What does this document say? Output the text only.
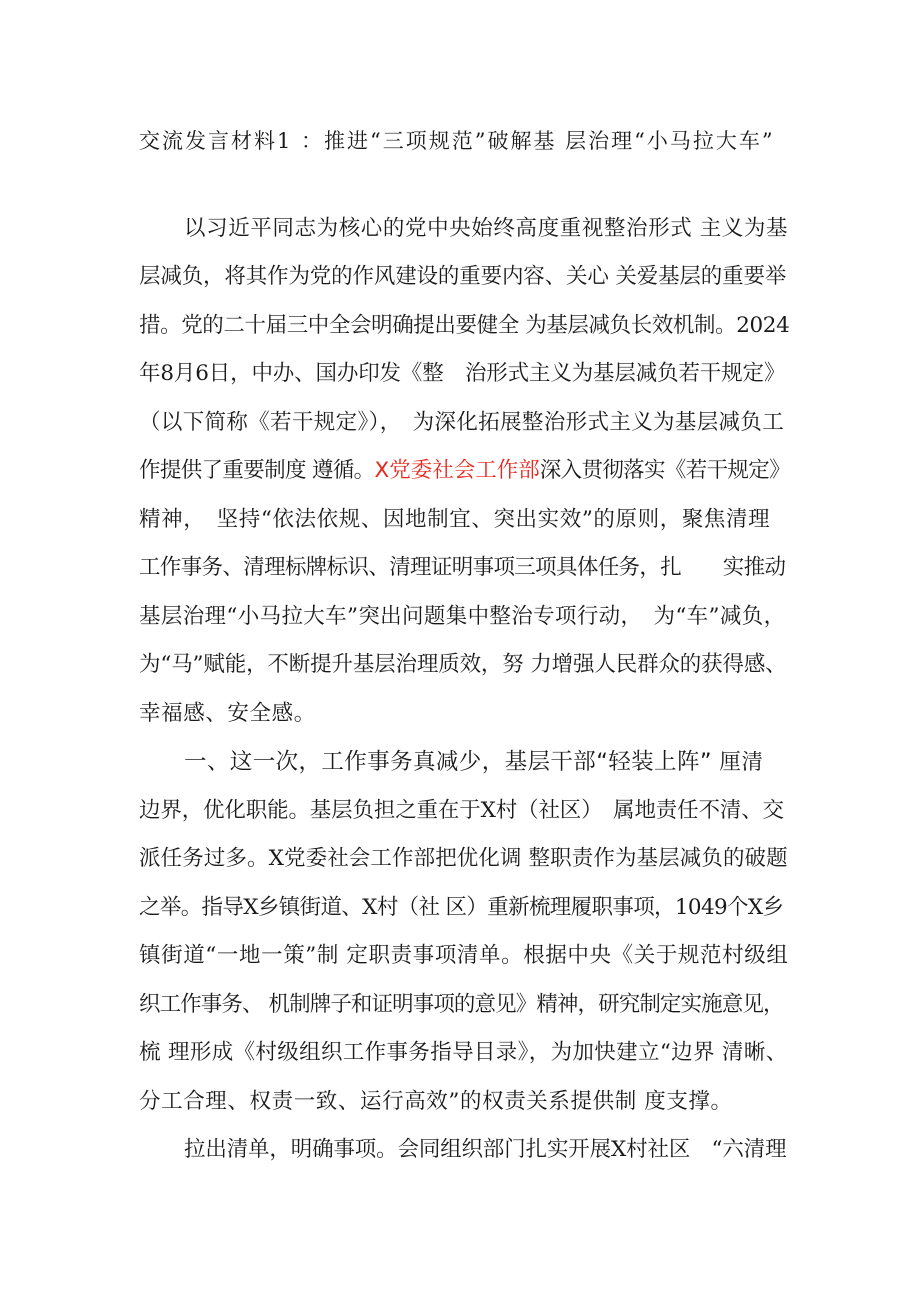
交流发言材料1 ：推进“三项规范”破解基 层治理“小马拉大车”
以习近平同志为核心的党中央始终高度重视整治形式 主义为基
层减负，将其作为党的作风建设的重要内容、关心 关爱基层的重要举
措。党的二十届三中全会明确提出要健全 为基层减负长效机制。2024
年8月6日，中办、国办印发《整　治形式主义为基层减负若干规定》
（以下简称《若干规定》），　为深化拓展整治形式主义为基层减负工
作提供了重要制度 遵循。X党委社会工作部深入贯彻落实《若干规定》
精神，　坚持“依法依规、因地制宜、突出实效”的原则，聚焦清理
工作事务、清理标牌标识、清理证明事项三项具体任务，扎　　实推动
基层治理“小马拉大车”突出问题集中整治专项行动，　为“车”减负，
为“马”赋能，不断提升基层治理质效，努 力增强人民群众的获得感、
幸福感、安全感。
一、这一次，工作事务真减少，基层干部“轻装上阵” 厘清
边界，优化职能。基层负担之重在于X村（社区）　属地责任不清、交
派任务过多。X党委社会工作部把优化调 整职责作为基层减负的破题
之举。指导X乡镇街道、X村（社 区）重新梳理履职事项，1049个X乡
镇街道“一地一策”制 定职责事项清单。根据中央《关于规范村级组
织工作事务、 机制牌子和证明事项的意见》精神，研究制定实施意见，
梳 理形成《村级组织工作事务指导目录》，为加快建立“边界 清晰、
分工合理、权责一致、运行高效”的权责关系提供制 度支撑。
拉出清单，明确事项。会同组织部门扎实开展X村社区　“六清理
